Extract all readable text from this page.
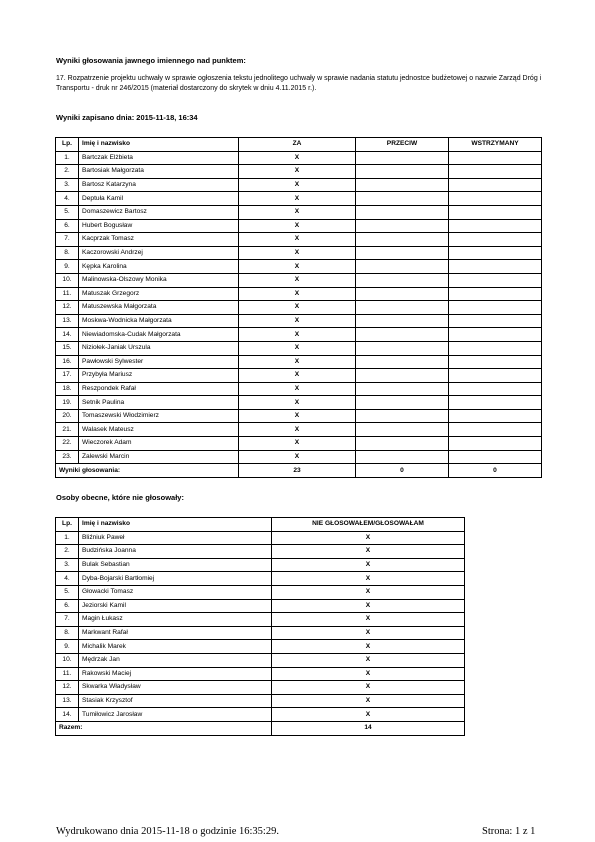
Wyniki głosowania jawnego imiennego nad punktem:
17. Rozpatrzenie projektu uchwały w sprawie ogłoszenia tekstu jednolitego uchwały w sprawie nadania statutu jednostce budżetowej o nazwie Zarząd Dróg i Transportu - druk nr 246/2015 (materiał dostarczony do skrytek w dniu 4.11.2015 r.).
Wyniki zapisano dnia: 2015-11-18, 16:34
Lp.	Imię i nazwisko	ZA	PRZECIW	WSTRZYMANY
1.	Bartczak Elżbieta	X		
2.	Bartosiak Małgorzata	X		
3.	Bartosz Katarzyna	X		
4.	Deptuła Kamil	X		
5.	Domaszewicz Bartosz	X		
6.	Hubert Bogusław	X		
7.	Kacprzak Tomasz	X		
8.	Kaczorowski Andrzej	X		
9.	Kępka Karolina	X		
10.	Malinowska-Olszowy Monika	X		
11.	Matuszak Grzegorz	X		
12.	Matuszewska Małgorzata	X		
13.	Moskwa-Wodnicka Małgorzata	X		
14.	Niewiadomska-Cudak Małgorzata	X		
15.	Niziołek-Janiak Urszula	X		
16.	Pawłowski Sylwester	X		
17.	Przybyła Mariusz	X		
18.	Reszpondek Rafał	X		
19.	Setnik Paulina	X		
20.	Tomaszewski Włodzimierz	X		
21.	Walasek Mateusz	X		
22.	Wieczorek Adam	X		
23.	Zalewski Marcin	X		
Wyniki głosowania:		23	0	0
Osoby obecne, które nie głosowały:
Lp.	Imię i nazwisko	NIE GŁOSOWAŁEM/GŁOSOWAŁAM
1.	Bliźniuk Paweł	X
2.	Budzińska Joanna	X
3.	Bulak Sebastian	X
4.	Dyba-Bojarski Bartłomiej	X
5.	Głowacki Tomasz	X
6.	Jeziorski Kamil	X
7.	Magin Łukasz	X
8.	Markwant Rafał	X
9.	Michalik Marek	X
10.	Mędrzak Jan	X
11.	Rakowski Maciej	X
12.	Skwarka Władysław	X
13.	Stasiak Krzysztof	X
14.	Tumiłowicz Jarosław	X
Razem:		14
Wydrukowano dnia 2015-11-18 o godzinie 16:35:29.	Strona: 1 z 1
